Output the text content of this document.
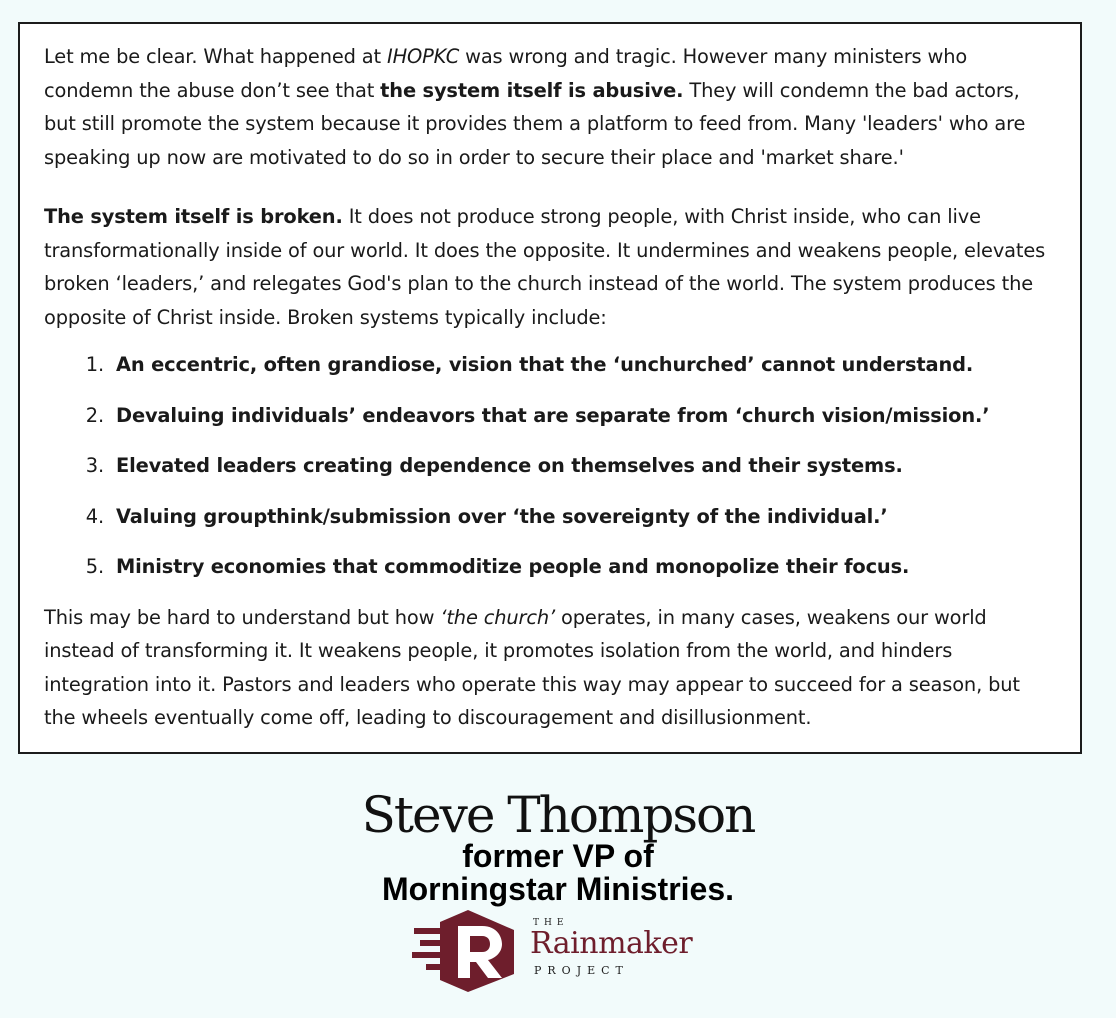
Let me be clear. What happened at IHOPKC was wrong and tragic. However many ministers who condemn the abuse don’t see that the system itself is abusive. They will condemn the bad actors, but still promote the system because it provides them a platform to feed from. Many 'leaders' who are speaking up now are motivated to do so in order to secure their place and 'market share.'

The system itself is broken. It does not produce strong people, with Christ inside, who can live transformationally inside of our world. It does the opposite. It undermines and weakens people, elevates broken ‘leaders,’ and relegates God's plan to the church instead of the world. The system produces the opposite of Christ inside. Broken systems typically include:

1. An eccentric, often grandiose, vision that the ‘unchurched’ cannot understand.
2. Devaluing individuals’ endeavors that are separate from ‘church vision/mission.’
3. Elevated leaders creating dependence on themselves and their systems.
4. Valuing groupthink/submission over ‘the sovereignty of the individual.’
5. Ministry economies that commoditize people and monopolize their focus.

This may be hard to understand but how ‘the church’ operates, in many cases, weakens our world instead of transforming it. It weakens people, it promotes isolation from the world, and hinders integration into it. Pastors and leaders who operate this way may appear to succeed for a season, but the wheels eventually come off, leading to discouragement and disillusionment.

Steve Thompson
former VP of
Morningstar Ministries.
THE
Rainmaker
PROJECT
